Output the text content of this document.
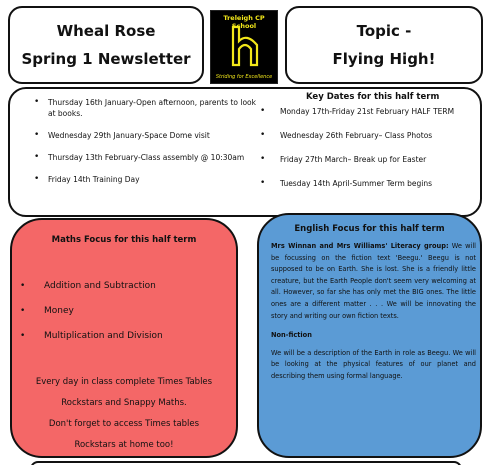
Wheal Rose
Spring 1 Newsletter
Treleigh CP School
Striding for Excellence
Topic -
Flying High!
Key Dates for this half term
• Thursday 16th January-Open afternoon, parents to look at books.
• Wednesday 29th January-Space Dome visit
• Thursday 13th February-Class assembly @ 10:30am
• Friday 14th Training Day
• Monday 17th-Friday 21st February HALF TERM
• Wednesday 26th February– Class Photos
• Friday 27th March– Break up for Easter
• Tuesday 14th April-Summer Term begins
Maths Focus for this half term
• Addition and Subtraction
• Money
• Multiplication and Division
Every day in class complete Times Tables
Rockstars and Snappy Maths.
Don't forget to access Times tables
Rockstars at home too!
English Focus for this half term

Mrs Winnan and Mrs Williams' Literacy group: We will be focussing on the fiction text 'Beegu.' Beegu is not supposed to be on Earth. She is lost. She is a friendly little creature, but the Earth People don't seem very welcoming at all. However, so far she has only met the BIG ones. The little ones are a different matter . . . We will be innovating the story and writing our own fiction texts.

Non-fiction

We will be a description of the Earth in role as Beegu. We will be looking at the physical features of our planet and describing them using formal language.
